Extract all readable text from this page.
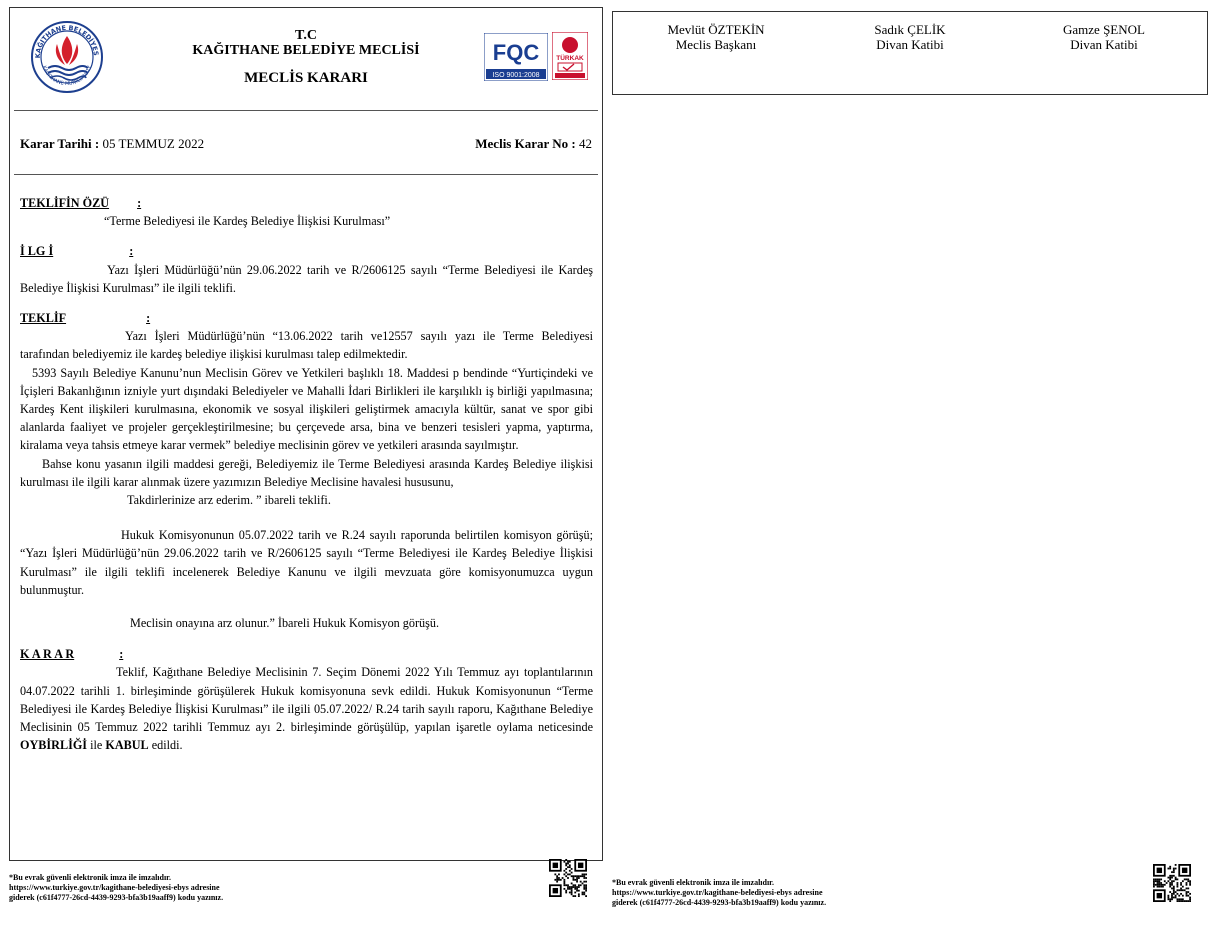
KAĞITHANE BELEDİYES
KAĞITHANE MUNICIPALITY
T.C
KAĞITHANE BELEDİYE MECLİSİ
MECLİS KARARI
FQC
ISO 9001:2008
TÜRKAK
Karar Tarihi : 05 TEMMUZ 2022	Meclis Karar No : 42

TEKLİFİN ÖZÜ :

“Terme Belediyesi ile Kardeş Belediye İlişkisi Kurulması”

İ LG İ	:

Yazı İşleri Müdürlüğü’nün 29.06.2022 tarih ve R/2606125 sayılı “Terme Belediyesi ile Kardeş Belediye İlişkisi Kurulması” ile ilgili teklifi.

TEKLİF	:

Yazı İşleri Müdürlüğü’nün “13.06.2022 tarih ve12557 sayılı yazı ile Terme Belediyesi tarafından belediyemiz ile kardeş belediye ilişkisi kurulması talep edilmektedir.

5393 Sayılı Belediye Kanunu’nun Meclisin Görev ve Yetkileri başlıklı 18. Maddesi p bendinde “Yurtiçindeki ve İçişleri Bakanlığının izniyle yurt dışındaki Belediyeler ve Mahalli İdari Birlikleri ile karşılıklı iş birliği yapılmasına; Kardeş Kent ilişkileri kurulmasına, ekonomik ve sosyal ilişkileri geliştirmek amacıyla kültür, sanat ve spor gibi alanlarda faaliyet ve projeler gerçekleştirilmesine; bu çerçevede arsa, bina ve benzeri tesisleri yapma, yaptırma, kiralama veya tahsis etmeye karar vermek” belediye meclisinin görev ve yetkileri arasında sayılmıştır.

Bahse konu yasanın ilgili maddesi gereği, Belediyemiz ile Terme Belediyesi arasında Kardeş Belediye ilişkisi kurulması ile ilgili karar alınmak üzere yazımızın Belediye Meclisine havalesi hususunu,

Takdirlerinize arz ederim. ” ibareli teklifi.

Hukuk Komisyonunun 05.07.2022 tarih ve R.24 sayılı raporunda belirtilen komisyon görüşü; “Yazı İşleri Müdürlüğü’nün 29.06.2022 tarih ve R/2606125 sayılı “Terme Belediyesi ile Kardeş Belediye İlişkisi Kurulması” ile ilgili teklifi incelenerek Belediye Kanunu ve ilgili mevzuata göre komisyonumuzca uygun bulunmuştur.

Meclisin onayına arz olunur.” İbareli Hukuk Komisyon görüşü.

K A R A R	:

Teklif, Kağıthane Belediye Meclisinin 7. Seçim Dönemi 2022 Yılı Temmuz ayı toplantılarının 04.07.2022 tarihli 1. birleşiminde görüşülerek Hukuk komisyonuna sevk edildi. Hukuk Komisyonunun “Terme Belediyesi ile Kardeş Belediye İlişkisi Kurulması” ile ilgili 05.07.2022/ R.24 tarih sayılı raporu, Kağıthane Belediye Meclisinin 05 Temmuz 2022 tarihli Temmuz ayı 2. birleşiminde görüşülüp, yapılan işaretle oylama neticesinde OYBİRLİĞİ ile KABUL edildi.

*Bu evrak güvenli elektronik imza ile imzalıdır.
https://www.turkiye.gov.tr/kagithane-belediyesi-ebys adresine
giderek (c61f4777-26cd-4439-9293-bfa3b19aaff9) kodu yazınız.
Mevlüt ÖZTEKİN
Meclis Başkanı
Sadık ÇELİK
Divan Katibi
Gamze ŞENOL
Divan Katibi
*Bu evrak güvenli elektronik imza ile imzalıdır.
https://www.turkiye.gov.tr/kagithane-belediyesi-ebys adresine
giderek (c61f4777-26cd-4439-9293-bfa3b19aaff9) kodu yazınız.
